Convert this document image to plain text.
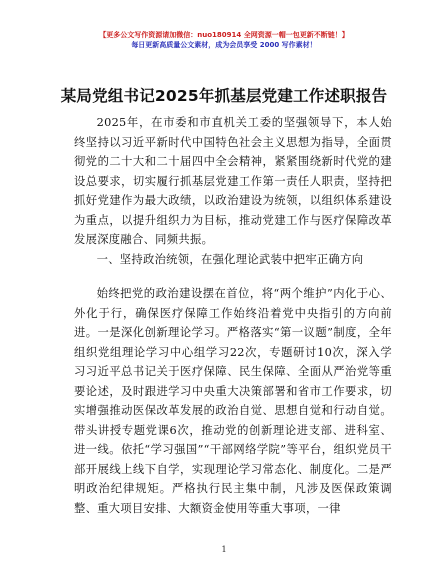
【更多公文写作资源请加微信：nuo180914 全网资源一帽一包更新不断链！】
每日更新高质量公文素材，成为会员享受 2000 写作素材！
某局党组书记2025年抓基层党建工作述职报告

2025年，在市委和市直机关工委的坚强领导下，本人始终坚持以习近平新时代中国特色社会主义思想为指导，全面贯彻党的二十大和二十届四中全会精神，紧紧围绕新时代党的建设总要求，切实履行抓基层党建工作第一责任人职责，坚持把抓好党建作为最大政绩，以政治建设为统领，以组织体系建设为重点，以提升组织力为目标，推动党建工作与医疗保障改革发展深度融合、同频共振。

一、坚持政治统领，在强化理论武装中把牢正确方向

始终把党的政治建设摆在首位，将“两个维护”内化于心、外化于行，确保医疗保障工作始终沿着党中央指引的方向前进。一是深化创新理论学习。严格落实“第一议题”制度，全年组织党组理论学习中心组学习22次，专题研讨10次，深入学习习近平总书记关于医疗保障、民生保障、全面从严治党等重要论述，及时跟进学习中央重大决策部署和省市工作要求，切实增强推动医保改革发展的政治自觉、思想自觉和行动自觉。带头讲授专题党课6次，推动党的创新理论进支部、进科室、进一线。依托“学习强国”“干部网络学院”等平台，组织党员干部开展线上线下自学，实现理论学习常态化、制度化。二是严明政治纪律规矩。严格执行民主集中制，凡涉及医保政策调整、重大项目安排、大额资金使用等重大事项，一律

1
